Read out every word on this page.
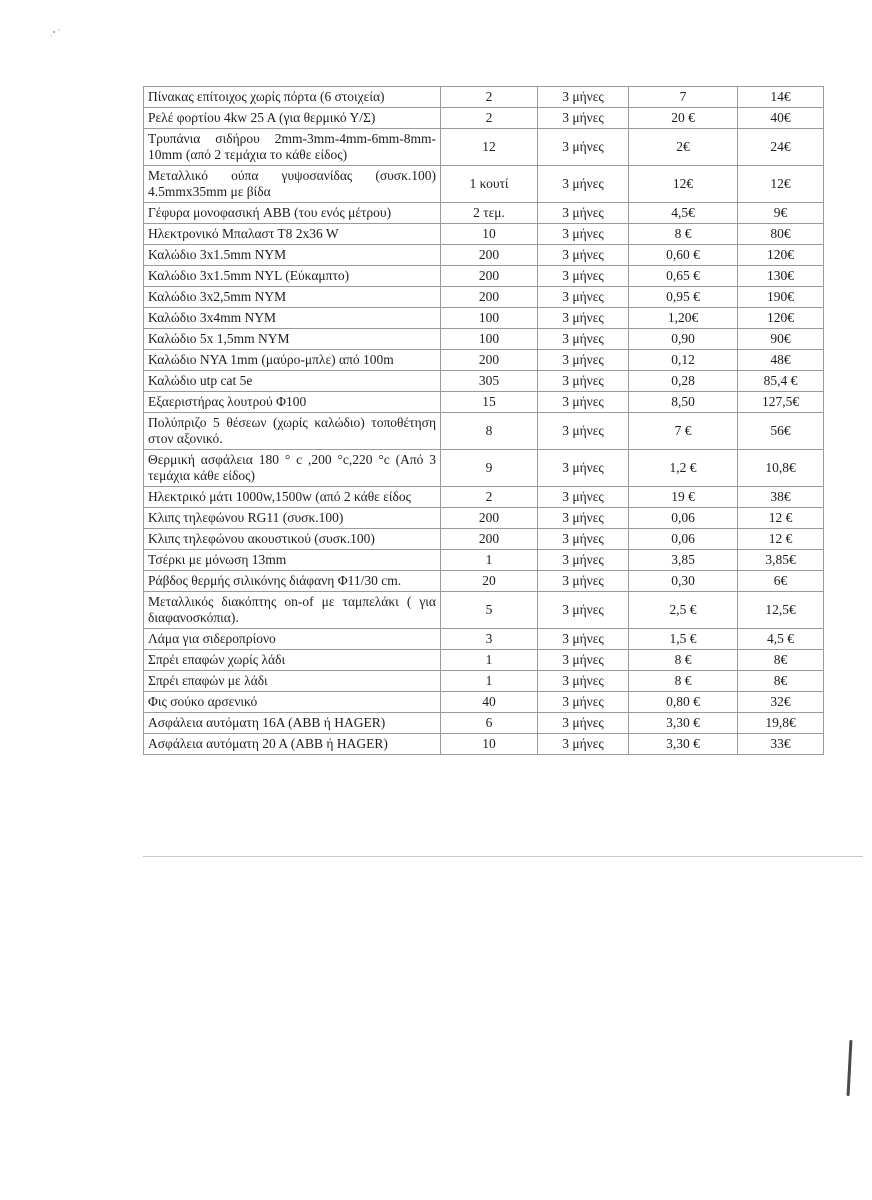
Πίνακας επίτοιχος χωρίς πόρτα (6 στοιχεία)	2	3 μήνες	7	14€
Ρελέ φορτίου 4kw 25 A (για θερμικό Υ/Σ)	2	3 μήνες	20 €	40€
Τρυπάνια σιδήρου 2mm-3mm-4mm-6mm-8mm-10mm (από 2 τεμάχια το κάθε είδος)	12	3 μήνες	2€	24€
Μεταλλικό ούπα γυψοσανίδας (συσκ.100) 4.5mmx35mm με βίδα	1 κουτί	3 μήνες	12€	12€
Γέφυρα μονοφασική ABB (του ενός μέτρου)	2 τεμ.	3 μήνες	4,5€	9€
Ηλεκτρονικό Μπαλαστ Τ8 2x36 W	10	3 μήνες	8 €	80€
Καλώδιο 3x1.5mm NYM	200	3 μήνες	0,60 €	120€
Καλώδιο 3x1.5mm NYL (Εύκαμπτο)	200	3 μήνες	0,65 €	130€
Καλώδιο 3x2,5mm NYM	200	3 μήνες	0,95 €	190€
Καλώδιο 3x4mm NYM	100	3 μήνες	1,20€	120€
Καλώδιο 5x 1,5mm NYM	100	3 μήνες	0,90	90€
Καλώδιο NYA 1mm (μαύρο-μπλε) από 100m	200	3 μήνες	0,12	48€
Καλώδιο utp cat 5e	305	3 μήνες	0,28	85,4 €
Εξαεριστήρας λουτρού Φ100	15	3 μήνες	8,50	127,5€
Πολύπριζο 5 θέσεων (χωρίς καλώδιο) τοποθέτηση στον αξονικό.	8	3 μήνες	7 €	56€
Θερμική ασφάλεια 180 ° c ,200 °c,220 °c (Από 3 τεμάχια κάθε είδος)	9	3 μήνες	1,2 €	10,8€
Ηλεκτρικό μάτι 1000w,1500w (από 2 κάθε είδος	2	3 μήνες	19 €	38€
Κλιπς τηλεφώνου RG11 (συσκ.100)	200	3 μήνες	0,06	12 €
Κλιπς τηλεφώνου ακουστικού (συσκ.100)	200	3 μήνες	0,06	12 €
Τσέρκι με μόνωση 13mm	1	3 μήνες	3,85	3,85€
Ράβδος θερμής σιλικόνης διάφανη Φ11/30 cm.	20	3 μήνες	0,30	6€
Μεταλλικός διακόπτης on-of με ταμπελάκι ( για διαφανοσκόπια).	5	3 μήνες	2,5 €	12,5€
Λάμα για σιδεροπρίονο	3	3 μήνες	1,5 €	4,5 €
Σπρέι επαφών χωρίς λάδι	1	3 μήνες	8 €	8€
Σπρέι επαφών με λάδι	1	3 μήνες	8 €	8€
Φις σούκο αρσενικό	40	3 μήνες	0,80 €	32€
Ασφάλεια αυτόματη 16Α (ABB ή HAGER)	6	3 μήνες	3,30 €	19,8€
Ασφάλεια αυτόματη 20 Α (ABB ή HAGER)	10	3 μήνες	3,30 €	33€
